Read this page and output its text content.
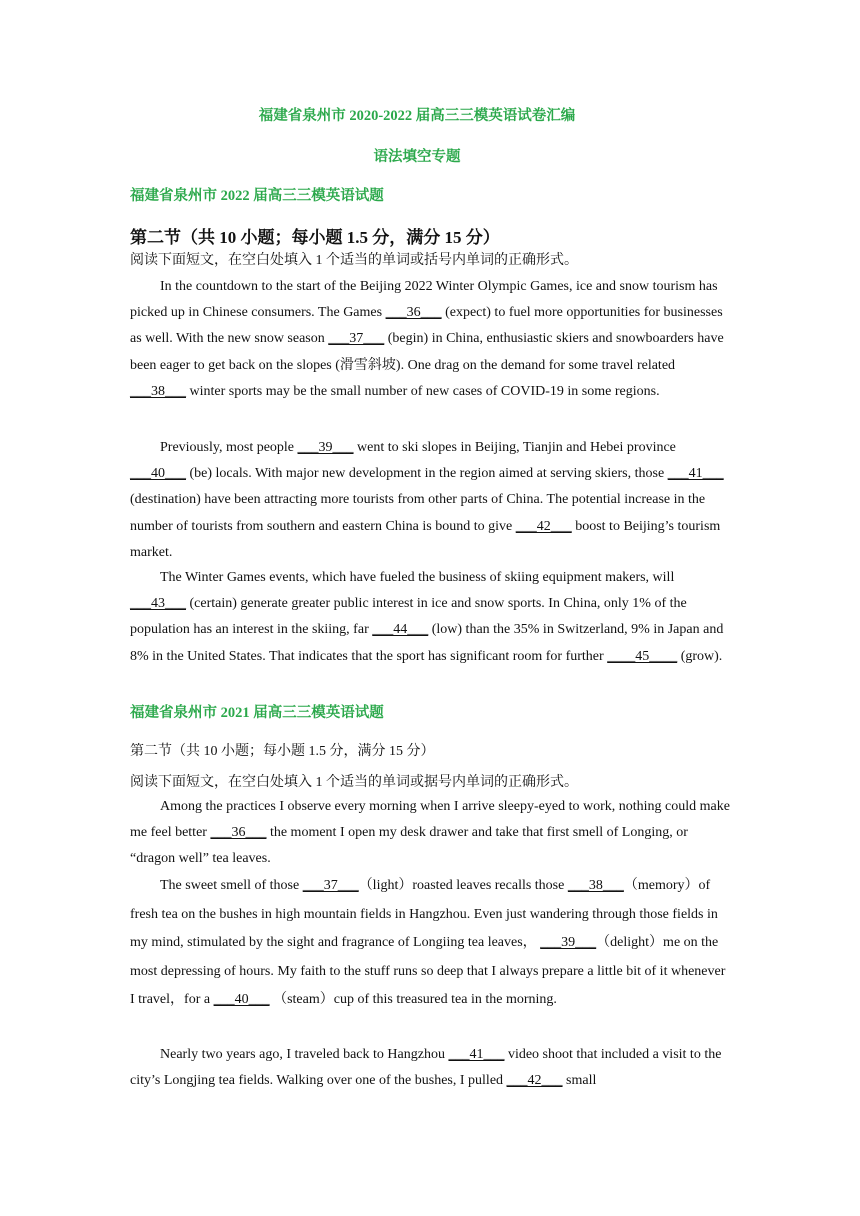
福建省泉州市 2020-2022 届高三三模英语试卷汇编
语法填空专题
福建省泉州市 2022 届高三三模英语试题
第二节（共 10 小题；每小题 1.5 分，满分 15 分）
阅读下面短文，在空白处填入 1 个适当的单词或括号内单词的正确形式。
In the countdown to the start of the Beijing 2022 Winter Olympic Games, ice and snow tourism has picked up in Chinese consumers. The Games ___36___ (expect) to fuel more opportunities for businesses as well. With the new snow season ___37___ (begin) in China, enthusiastic skiers and snowboarders have been eager to get back on the slopes (滑雪斜坡). One drag on the demand for some travel related ___38___ winter sports may be the small number of new cases of COVID-19 in some regions.
Previously, most people ___39___ went to ski slopes in Beijing, Tianjin and Hebei province ___40___ (be) locals. With major new development in the region aimed at serving skiers, those ___41___ (destination) have been attracting more tourists from other parts of China. The potential increase in the number of tourists from southern and eastern China is bound to give ___42___ boost to Beijing’s tourism market.
The Winter Games events, which have fueled the business of skiing equipment makers, will ___43___ (certain) generate greater public interest in ice and snow sports. In China, only 1% of the population has an interest in the skiing, far ___44___ (low) than the 35% in Switzerland, 9% in Japan and 8% in the United States. That indicates that the sport has significant room for further ____45____ (grow).
福建省泉州市 2021 届高三三模英语试题
第二节（共 10 小题；每小题 1.5 分，满分 15 分）
阅读下面短文，在空白处填入 1 个适当的单词或据号内单词的正确形式。
Among the practices I observe every morning when I arrive sleepy-eyed to work, nothing could make me feel better ___36___ the moment I open my desk drawer and take that first smell of Longing, or “dragon well” tea leaves.
The sweet smell of those ___37___（light）roasted leaves recalls those ___38___（memory）of fresh tea on the bushes in high mountain fields in Hangzhou. Even just wandering through those fields in my mind, stimulated by the sight and fragrance of Longiing tea leaves， ___39___（delight）me on the most depressing of hours. My faith to the stuff runs so deep that I always prepare a little bit of it whenever I travel，for a ___40___ （steam）cup of this treasured tea in the morning.
Nearly two years ago, I traveled back to Hangzhou ___41___ video shoot that included a visit to the city’s Longjing tea fields. Walking over one of the bushes, I pulled ___42___ small
